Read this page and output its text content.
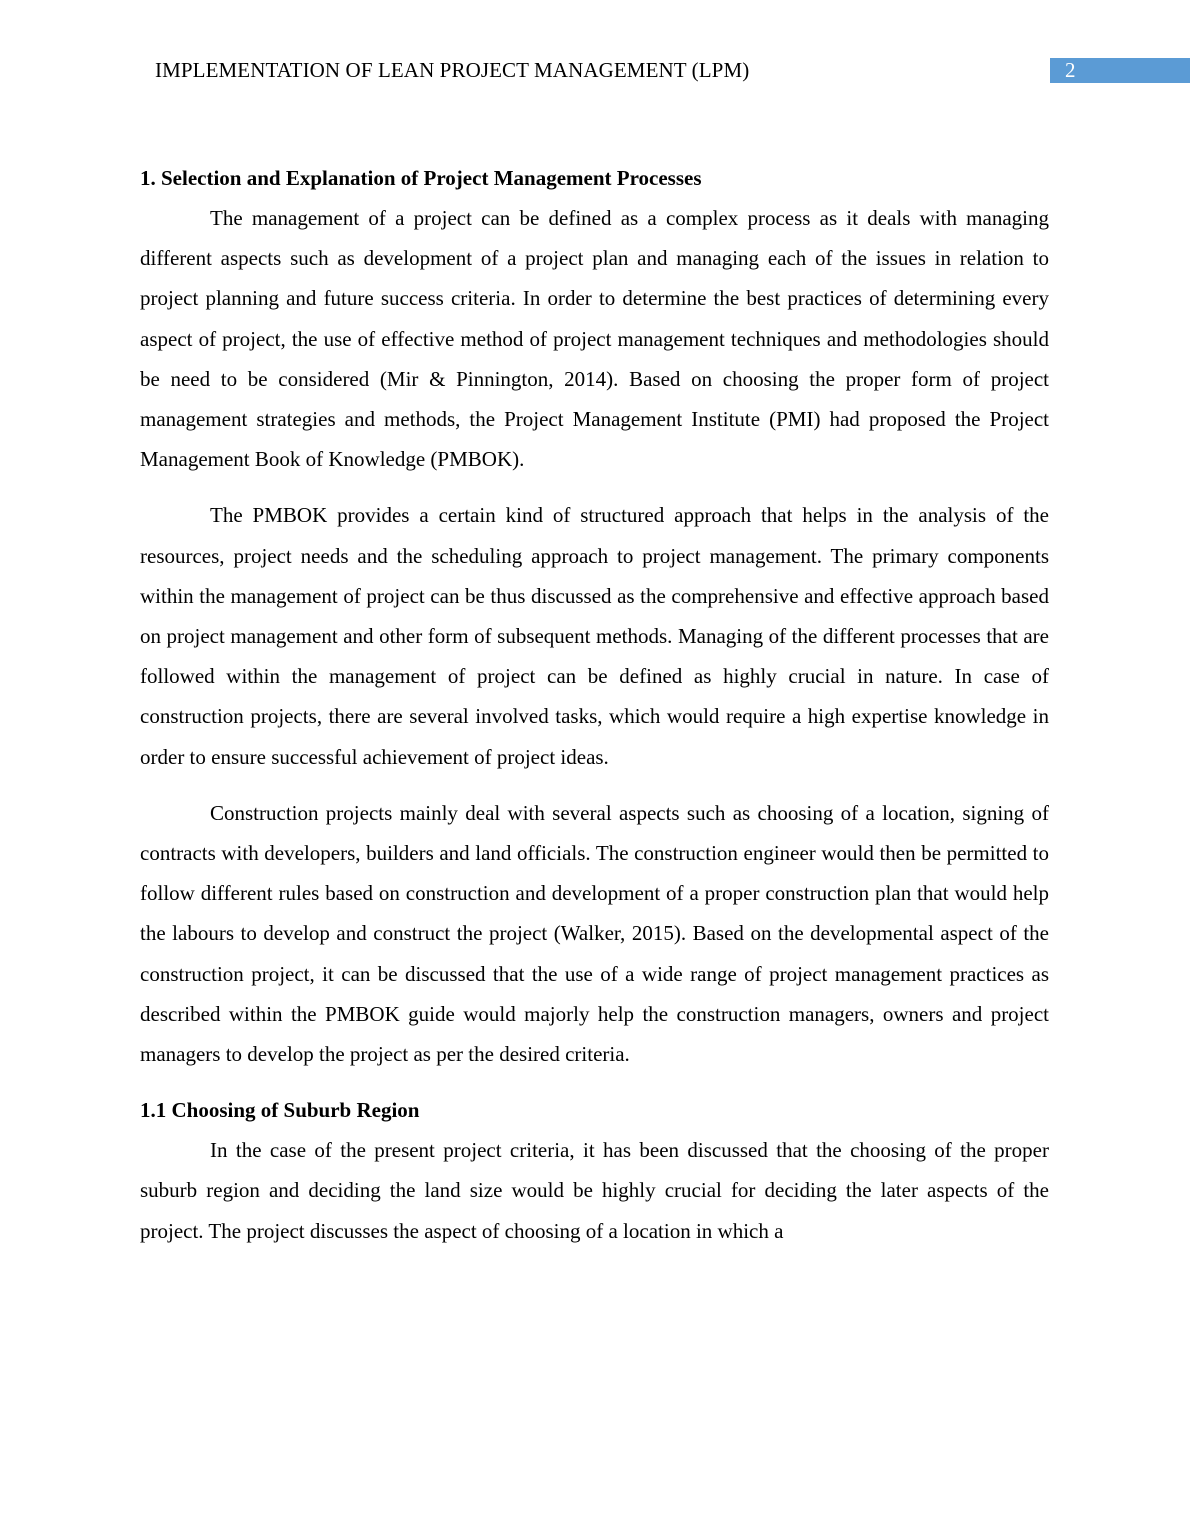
IMPLEMENTATION OF LEAN PROJECT MANAGEMENT (LPM)	2
1. Selection and Explanation of Project Management Processes

The management of a project can be defined as a complex process as it deals with managing different aspects such as development of a project plan and managing each of the issues in relation to project planning and future success criteria. In order to determine the best practices of determining every aspect of project, the use of effective method of project management techniques and methodologies should be need to be considered (Mir & Pinnington, 2014). Based on choosing the proper form of project management strategies and methods, the Project Management Institute (PMI) had proposed the Project Management Book of Knowledge (PMBOK).

The PMBOK provides a certain kind of structured approach that helps in the analysis of the resources, project needs and the scheduling approach to project management. The primary components within the management of project can be thus discussed as the comprehensive and effective approach based on project management and other form of subsequent methods. Managing of the different processes that are followed within the management of project can be defined as highly crucial in nature. In case of construction projects, there are several involved tasks, which would require a high expertise knowledge in order to ensure successful achievement of project ideas.

Construction projects mainly deal with several aspects such as choosing of a location, signing of contracts with developers, builders and land officials. The construction engineer would then be permitted to follow different rules based on construction and development of a proper construction plan that would help the labours to develop and construct the project (Walker, 2015). Based on the developmental aspect of the construction project, it can be discussed that the use of a wide range of project management practices as described within the PMBOK guide would majorly help the construction managers, owners and project managers to develop the project as per the desired criteria.

1.1 Choosing of Suburb Region

In the case of the present project criteria, it has been discussed that the choosing of the proper suburb region and deciding the land size would be highly crucial for deciding the later aspects of the project. The project discusses the aspect of choosing of a location in which a
